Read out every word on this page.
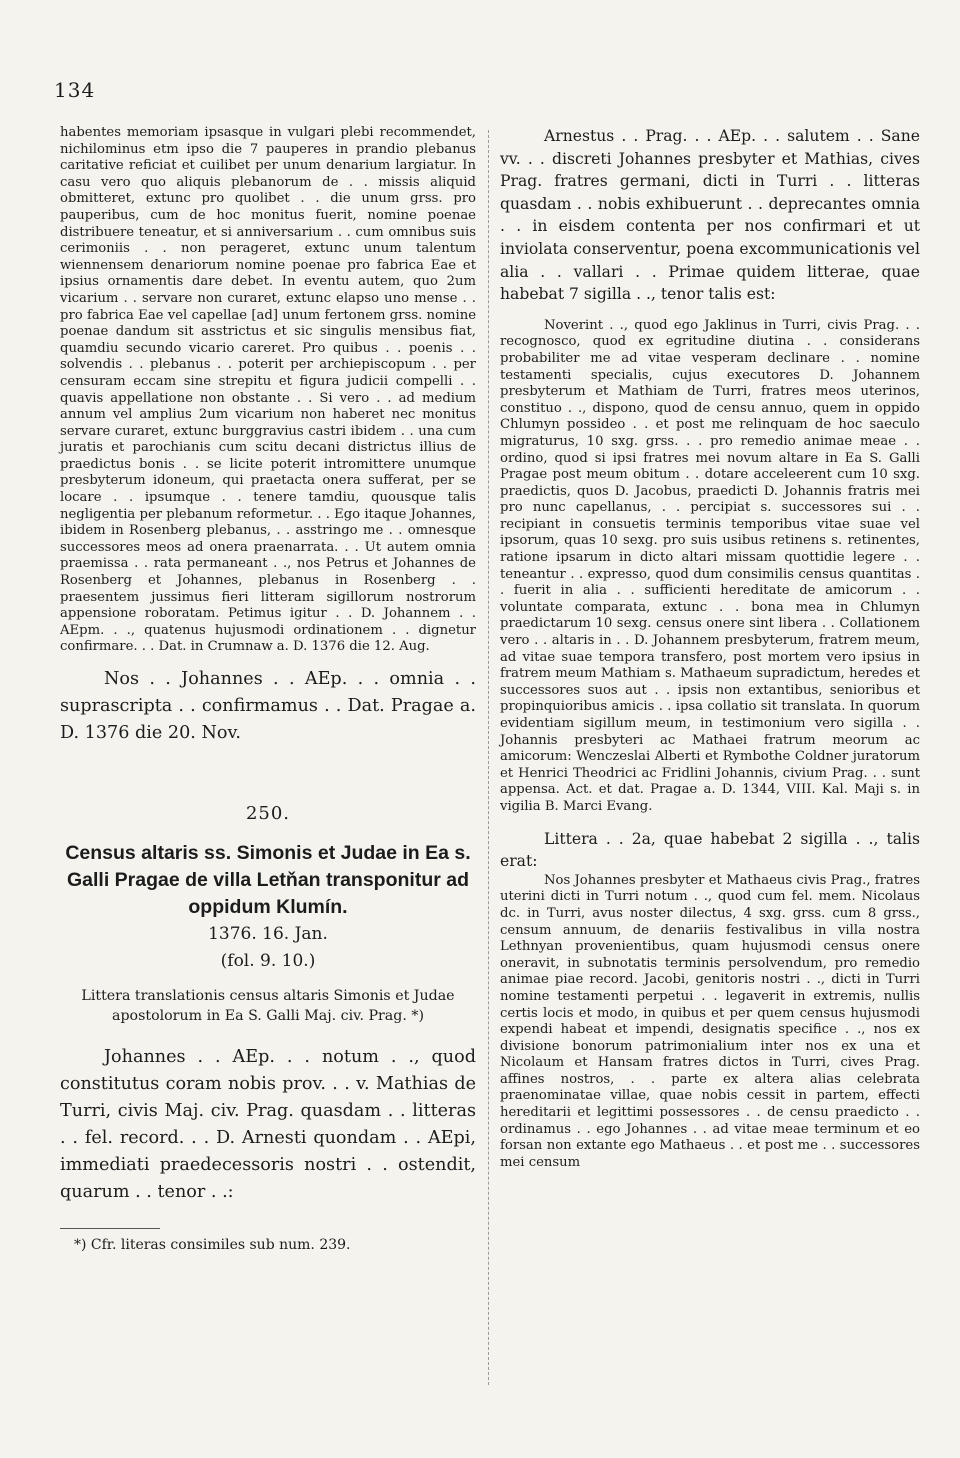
134

habentes memoriam ipsasque in vulgari plebi recommendet, nichilominus etm ipso die 7 pauperes in prandio plebanus caritative reficiat et cuilibet per unum denarium largiatur. In casu vero quo aliquis plebanorum de . . missis aliquid obmitteret, extunc pro quolibet . . die unum grss. pro pauperibus, cum de hoc monitus fuerit, nomine poenae distribuere teneatur, et si anniversarium . . cum omnibus suis cerimoniis . . non perageret, extunc unum talentum wiennensem denariorum nomine poenae pro fabrica Eae et ipsius ornamentis dare debet. In eventu autem, quo 2um vicarium . . servare non curaret, extunc elapso uno mense . . pro fabrica Eae vel capellae [ad] unum fertonem grss. nomine poenae dandum sit asstrictus et sic singulis mensibus fiat, quamdiu secundo vicario careret. Pro quibus . . poenis . . solvendis . . plebanus . . poterit per archiepiscopum . . per censuram eccam sine strepitu et figura judicii compelli . . quavis appellatione non obstante . . Si vero . . ad medium annum vel amplius 2um vicarium non haberet nec monitus servare curaret, extunc burggravius castri ibidem . . una cum juratis et parochianis cum scitu decani districtus illius de praedictus bonis . . se licite poterit intromittere unumque presbyterum idoneum, qui praetacta onera sufferat, per se locare . . ipsumque . . tenere tamdiu, quousque talis negligentia per plebanum reformetur. . . Ego itaque Johannes, ibidem in Rosenberg plebanus, . . asstringo me . . omnesque successores meos ad onera praenarrata. . . Ut autem omnia praemissa . . rata permaneant . ., nos Petrus et Johannes de Rosenberg et Johannes, plebanus in Rosenberg . . praesentem jussimus fieri litteram sigillorum nostrorum appensione roboratam. Petimus igitur . . D. Johannem . . AEpm. . ., quatenus hujusmodi ordinationem . . dignetur confirmare. . . Dat. in Crumnaw a. D. 1376 die 12. Aug.

Nos . . Johannes . . AEp. . . omnia . . suprascripta . . confirmamus . . Dat. Pragae a. D. 1376 die 20. Nov.

250.

Census altaris ss. Simonis et Judae in Ea s. Galli Pragae de villa Letňan transponitur ad oppidum Klumín.

1376. 16. Jan.
(fol. 9. 10.)

Littera translationis census altaris Simonis et Judae apostolorum in Ea S. Galli Maj. civ. Prag. *)

Johannes . . AEp. . . notum . ., quod constitutus coram nobis prov. . . v. Mathias de Turri, civis Maj. civ. Prag. quasdam . . litteras . . fel. record. . . D. Arnesti quondam . . AEpi, immediati praedecessoris nostri . . ostendit, quarum . . tenor . .:

*) Cfr. literas consimiles sub num. 239.

Arnestus . . Prag. . . AEp. . . salutem . . Sane vv. . . discreti Johannes presbyter et Mathias, cives Prag. fratres germani, dicti in Turri . . litteras quasdam . . nobis exhibuerunt . . deprecantes omnia . . in eisdem contenta per nos confirmari et ut inviolata conserventur, poena excommunicationis vel alia . . vallari . . Primae quidem litterae, quae habebat 7 sigilla . ., tenor talis est:

Noverint . ., quod ego Jaklinus in Turri, civis Prag. . . recognosco, quod ex egritudine diutina . . considerans probabiliter me ad vitae vesperam declinare . . nomine testamenti specialis, cujus executores D. Johannem presbyterum et Mathiam de Turri, fratres meos uterinos, constituo . ., dispono, quod de censu annuo, quem in oppido Chlumyn possideo . . et post me relinquam de hoc saeculo migraturus, 10 sxg. grss. . . pro remedio animae meae . . ordino, quod si ipsi fratres mei novum altare in Ea S. Galli Pragae post meum obitum . . dotare acceleerent cum 10 sxg. praedictis, quos D. Jacobus, praedicti D. Johannis fratris mei pro nunc capellanus, . . percipiat s. successores sui . . recipiant in consuetis terminis temporibus vitae suae vel ipsorum, quas 10 sexg. pro suis usibus retinens s. retinentes, ratione ipsarum in dicto altari missam quottidie legere . . teneantur . . expresso, quod dum consimilis census quantitas . . fuerit in alia . . sufficienti hereditate de amicorum . . voluntate comparata, extunc . . bona mea in Chlumyn praedictarum 10 sexg. census onere sint libera . . Collationem vero . . altaris in . . D. Johannem presbyterum, fratrem meum, ad vitae suae tempora transfero, post mortem vero ipsius in fratrem meum Mathiam s. Mathaeum supradictum, heredes et successores suos aut . . ipsis non extantibus, senioribus et propinquioribus amicis . . ipsa collatio sit translata. In quorum evidentiam sigillum meum, in testimonium vero sigilla . . Johannis presbyteri ac Mathaei fratrum meorum ac amicorum: Wenczeslai Alberti et Rymbothe Coldner juratorum et Henrici Theodrici ac Fridlini Johannis, civium Prag. . . sunt appensa. Act. et dat. Pragae a. D. 1344, VIII. Kal. Maji s. in vigilia B. Marci Evang.

Littera . . 2a, quae habebat 2 sigilla . ., talis erat:

Nos Johannes presbyter et Mathaeus civis Prag., fratres uterini dicti in Turri notum . ., quod cum fel. mem. Nicolaus dc. in Turri, avus noster dilectus, 4 sxg. grss. cum 8 grss., censum annuum, de denariis festivalibus in villa nostra Lethnyan provenientibus, quam hujusmodi census onere oneravit, in subnotatis terminis persolvendum, pro remedio animae piae record. Jacobi, genitoris nostri . ., dicti in Turri nomine testamenti perpetui . . legaverit in extremis, nullis certis locis et modo, in quibus et per quem census hujusmodi expendi habeat et impendi, designatis specifice . ., nos ex divisione bonorum patrimonialium inter nos ex una et Nicolaum et Hansam fratres dictos in Turri, cives Prag. affines nostros, . . parte ex altera alias celebrata praenominatae villae, quae nobis cessit in partem, effecti hereditarii et legittimi possessores . . de censu praedicto . . ordinamus . . ego Johannes . . ad vitae meae terminum et eo forsan non extante ego Mathaeus . . et post me . . successores mei censum
